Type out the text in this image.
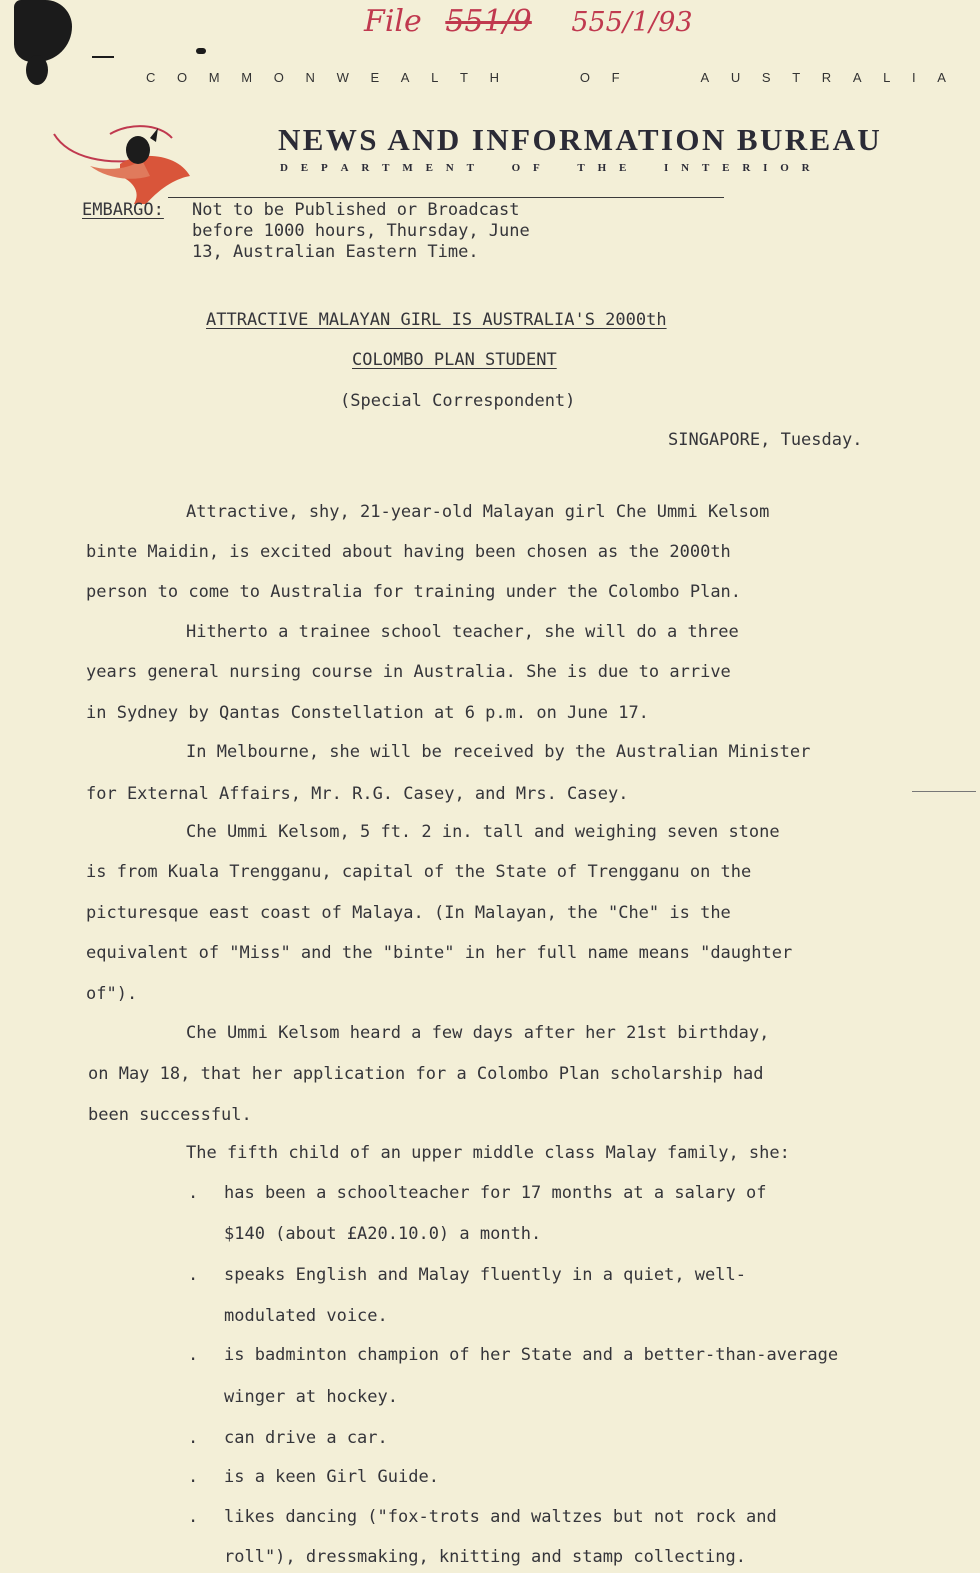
File 551/9 555/1/93
C O M M O N W E A L T H	O F	A U S T R A L I A
NEWS AND INFORMATION BUREAU
D E P A R T M E N T	O F	T H E	I N T E R I O R
EMBARGO: Not to be Published or Broadcast
before 1000 hours, Thursday, June
13, Australian Eastern Time.
ATTRACTIVE MALAYAN GIRL IS AUSTRALIA'S 2000th
COLOMBO PLAN STUDENT
(Special Correspondent)
SINGAPORE, Tuesday.
Attractive, shy, 21-year-old Malayan girl Che Ummi Kelsom
binte Maidin, is excited about having been chosen as the 2000th
person to come to Australia for training under the Colombo Plan.
Hitherto a trainee school teacher, she will do a three
years general nursing course in Australia. She is due to arrive
in Sydney by Qantas Constellation at 6 p.m. on June 17.
In Melbourne, she will be received by the Australian Minister
for External Affairs, Mr. R.G. Casey, and Mrs. Casey.
Che Ummi Kelsom, 5 ft. 2 in. tall and weighing seven stone
is from Kuala Trengganu, capital of the State of Trengganu on the
picturesque east coast of Malaya. (In Malayan, the "Che" is the
equivalent of "Miss" and the "binte" in her full name means "daughter
of").
Che Ummi Kelsom heard a few days after her 21st birthday,
on May 18, that her application for a Colombo Plan scholarship had
been successful.
The fifth child of an upper middle class Malay family, she:
. has been a schoolteacher for 17 months at a salary of
$140 (about £A20.10.0) a month.
. speaks English and Malay fluently in a quiet, well-
modulated voice.
. is badminton champion of her State and a better-than-average
winger at hockey.
. can drive a car.
. is a keen Girl Guide.
. likes dancing ("fox-trots and waltzes but not rock and
roll"), dressmaking, knitting and stamp collecting.
